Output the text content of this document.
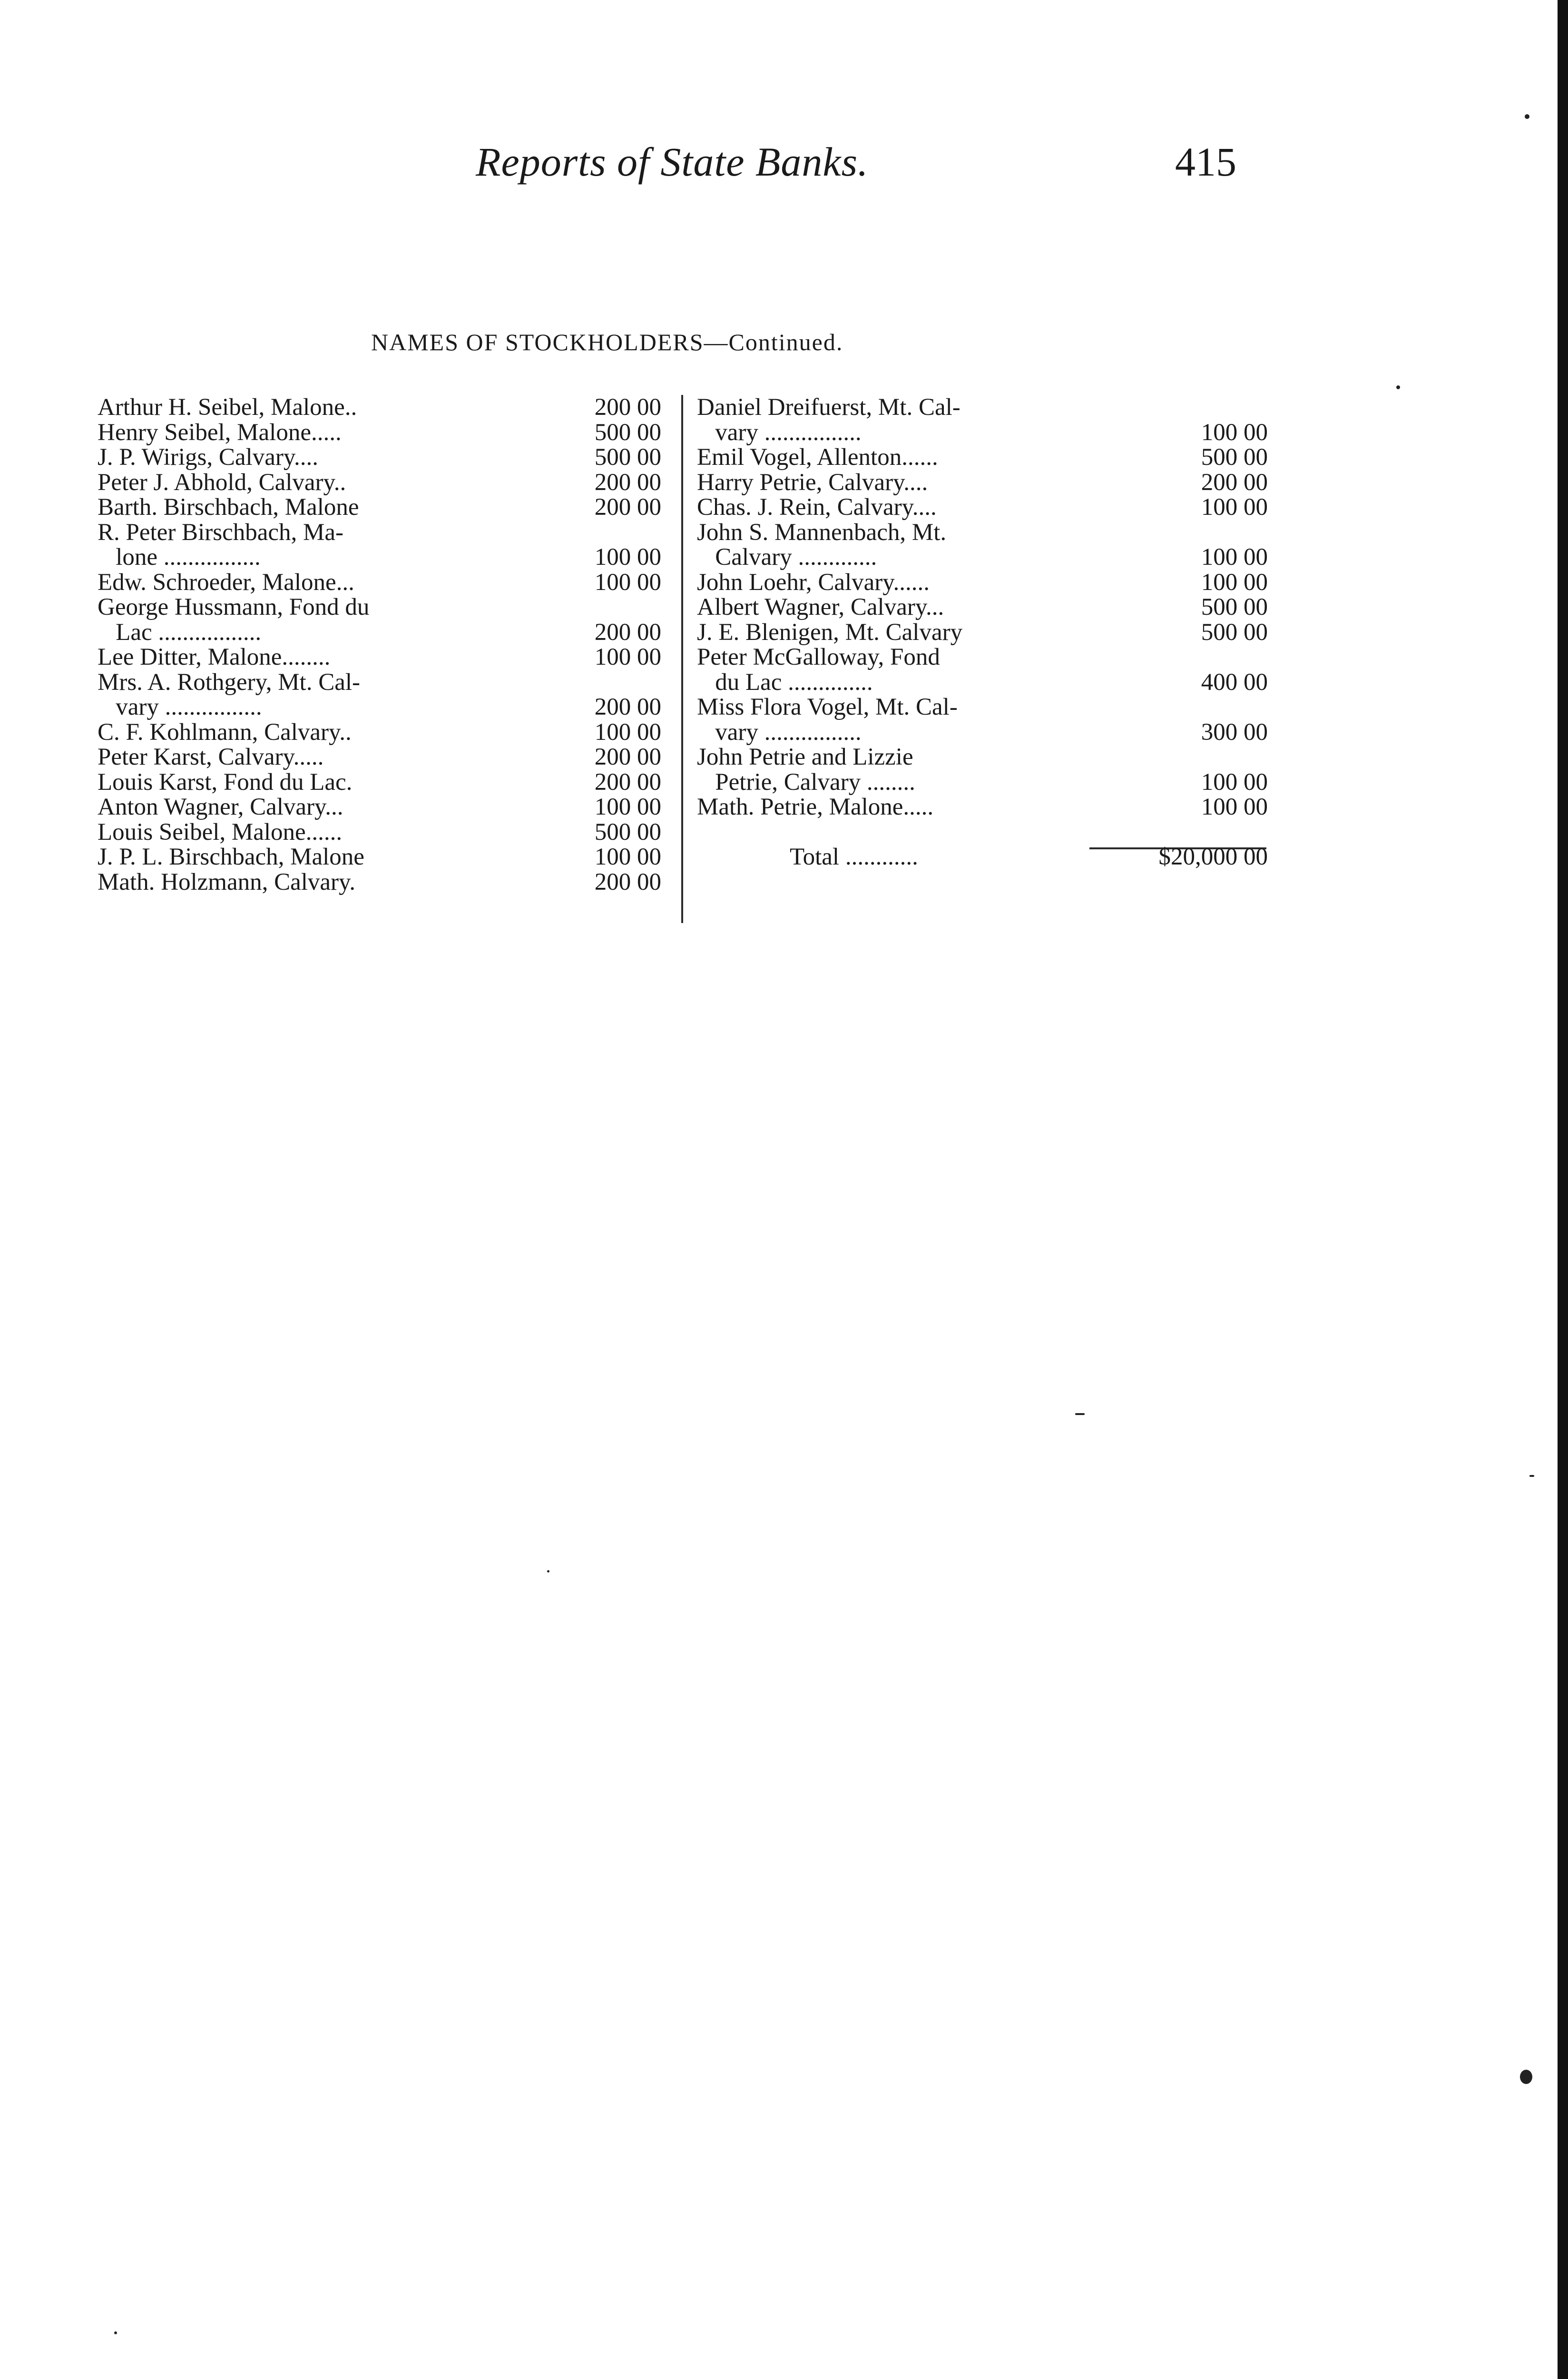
Reports of State Banks.	415
NAMES OF STOCKHOLDERS—Continued.
Arthur H. Seibel, Malone..	200 00
Henry Seibel, Malone.....	500 00
J. P. Wirigs, Calvary....	500 00
Peter J. Abhold, Calvary..	200 00
Barth. Birschbach, Malone	200 00
R. Peter Birschbach, Ma-
lone ................	100 00
Edw. Schroeder, Malone...	100 00
George Hussmann, Fond du
Lac .................	200 00
Lee Ditter, Malone........	100 00
Mrs. A. Rothgery, Mt. Cal-
vary ................	200 00
C. F. Kohlmann, Calvary..	100 00
Peter Karst, Calvary.....	200 00
Louis Karst, Fond du Lac.	200 00
Anton Wagner, Calvary...	100 00
Louis Seibel, Malone......	500 00
J. P. L. Birschbach, Malone	100 00
Math. Holzmann, Calvary.	200 00
Daniel Dreifuerst, Mt. Cal-
vary ................	100 00
Emil Vogel, Allenton......	500 00
Harry Petrie, Calvary....	200 00
Chas. J. Rein, Calvary....	100 00
John S. Mannenbach, Mt.
Calvary .............	100 00
John Loehr, Calvary......	100 00
Albert Wagner, Calvary...	500 00
J. E. Blenigen, Mt. Calvary	500 00
Peter McGalloway, Fond
du Lac ..............	400 00
Miss Flora Vogel, Mt. Cal-
vary ................	300 00
John Petrie and Lizzie
Petrie, Calvary ........	100 00
Math. Petrie, Malone.....	100 00
Total ............	$20,000 00
